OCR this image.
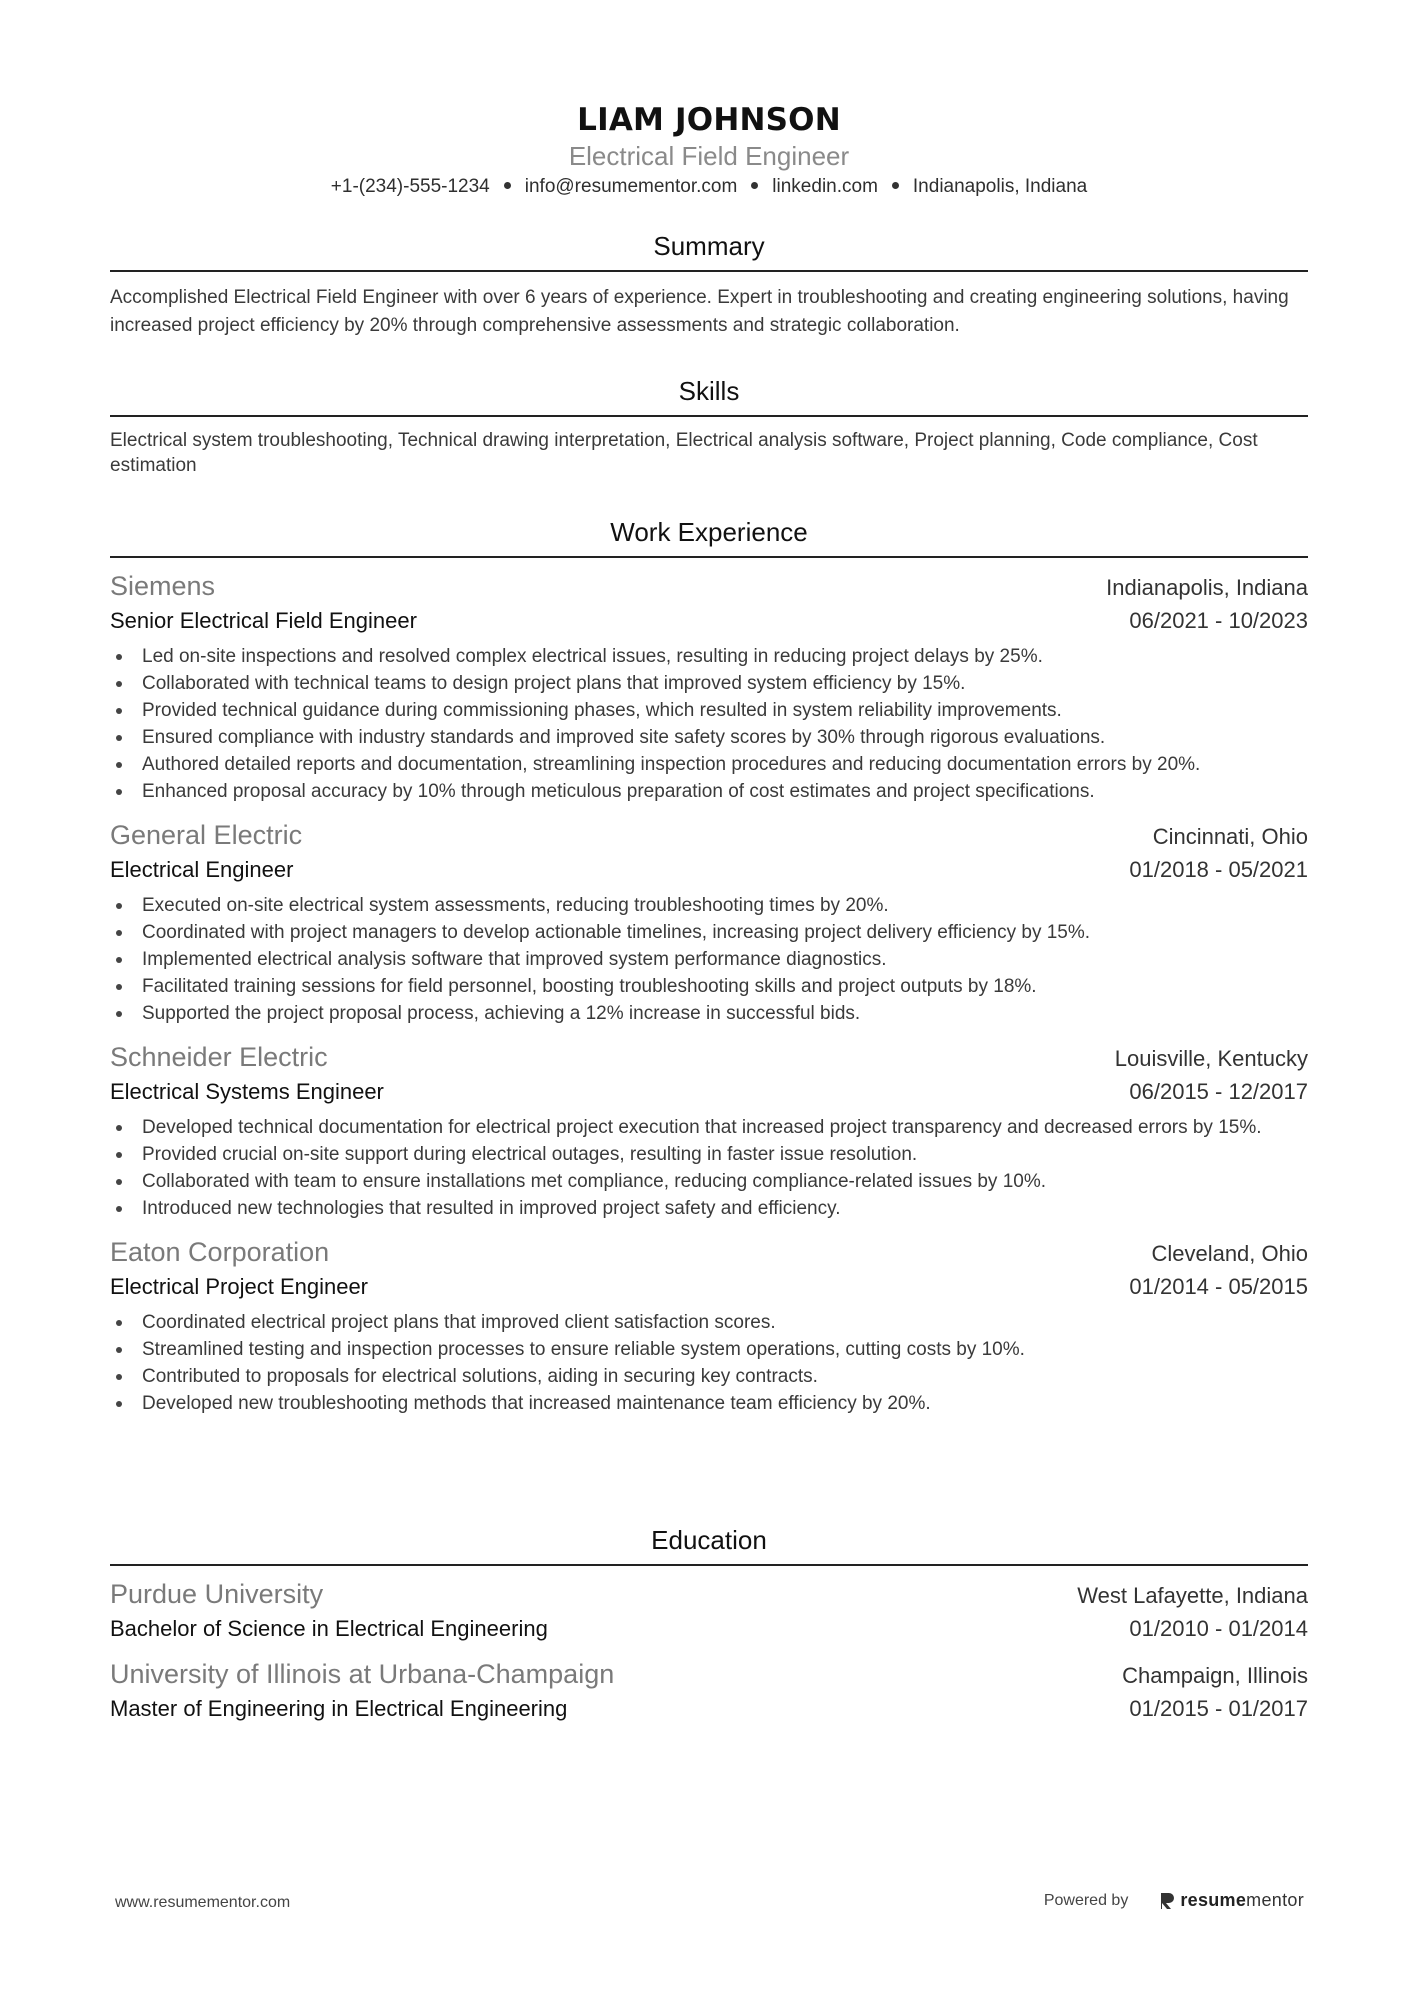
LIAM JOHNSON
Electrical Field Engineer
+1-(234)-555-1234 info@resumementor.com linkedin.com Indianapolis, Indiana
Summary
Accomplished Electrical Field Engineer with over 6 years of experience. Expert in troubleshooting and creating engineering solutions, having increased project efficiency by 20% through comprehensive assessments and strategic collaboration.
Skills
Electrical system troubleshooting, Technical drawing interpretation, Electrical analysis software, Project planning, Code compliance, Cost estimation
Work Experience
Siemens	Indianapolis, Indiana
Senior Electrical Field Engineer	06/2021 - 10/2023
Led on-site inspections and resolved complex electrical issues, resulting in reducing project delays by 25%.
Collaborated with technical teams to design project plans that improved system efficiency by 15%.
Provided technical guidance during commissioning phases, which resulted in system reliability improvements.
Ensured compliance with industry standards and improved site safety scores by 30% through rigorous evaluations.
Authored detailed reports and documentation, streamlining inspection procedures and reducing documentation errors by 20%.
Enhanced proposal accuracy by 10% through meticulous preparation of cost estimates and project specifications.
General Electric	Cincinnati, Ohio
Electrical Engineer	01/2018 - 05/2021
Executed on-site electrical system assessments, reducing troubleshooting times by 20%.
Coordinated with project managers to develop actionable timelines, increasing project delivery efficiency by 15%.
Implemented electrical analysis software that improved system performance diagnostics.
Facilitated training sessions for field personnel, boosting troubleshooting skills and project outputs by 18%.
Supported the project proposal process, achieving a 12% increase in successful bids.
Schneider Electric	Louisville, Kentucky
Electrical Systems Engineer	06/2015 - 12/2017
Developed technical documentation for electrical project execution that increased project transparency and decreased errors by 15%.
Provided crucial on-site support during electrical outages, resulting in faster issue resolution.
Collaborated with team to ensure installations met compliance, reducing compliance-related issues by 10%.
Introduced new technologies that resulted in improved project safety and efficiency.
Eaton Corporation	Cleveland, Ohio
Electrical Project Engineer	01/2014 - 05/2015
Coordinated electrical project plans that improved client satisfaction scores.
Streamlined testing and inspection processes to ensure reliable system operations, cutting costs by 10%.
Contributed to proposals for electrical solutions, aiding in securing key contracts.
Developed new troubleshooting methods that increased maintenance team efficiency by 20%.
Education
Purdue University	West Lafayette, Indiana
Bachelor of Science in Electrical Engineering	01/2010 - 01/2014
University of Illinois at Urbana-Champaign	Champaign, Illinois
Master of Engineering in Electrical Engineering	01/2015 - 01/2017
www.resumementor.com	Powered by	resumementor
